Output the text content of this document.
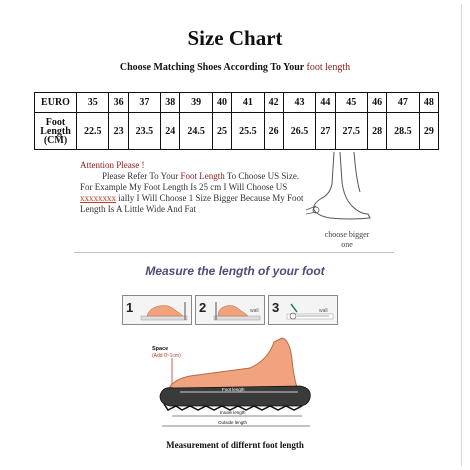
Size Chart
Choose Matching Shoes According To Your foot length
EURO	35	36	37	38	39	40	41	42	43	44	45	46	47	48
Foot
Length
(CM)	22.5	23	23.5	24	24.5	25	25.5	26	26.5	27	27.5	28	28.5	29
Attention Please !
Please Refer To Your Foot Length To Choose US Size. For Example My Foot Length Is 25 cm I Will Choose US xxxxxxxx ially I Will Choose 1 Size Bigger Because My Foot Length Is A Little Wide And Fat
choose bigger one
Measure the length of your foot
1	2	wall 3	wall
Space
(Add 0~1cm)
Foot length
Insole length
Outside length
Measurement of differnt foot length
